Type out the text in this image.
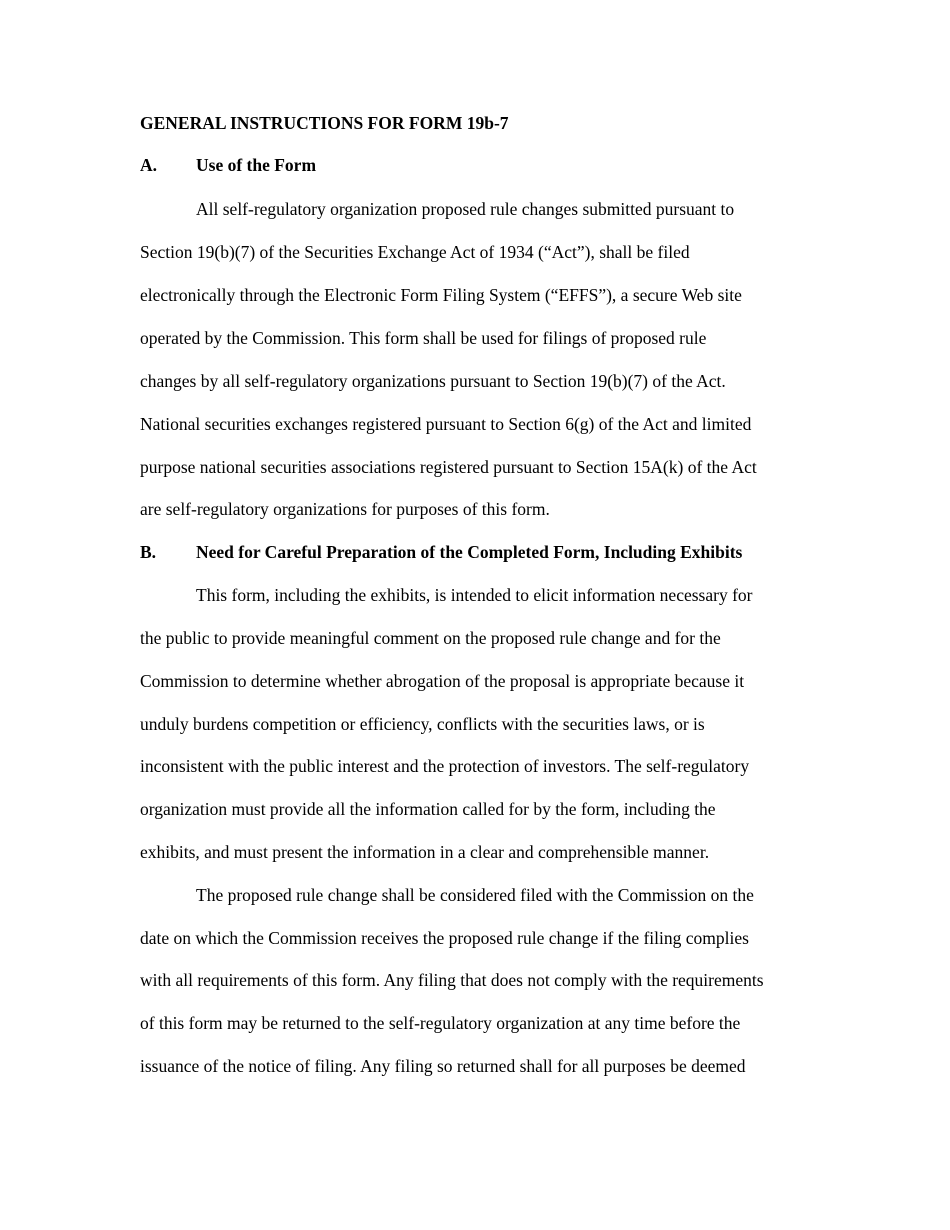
GENERAL INSTRUCTIONS FOR FORM 19b-7
A. Use of the Form
All self-regulatory organization proposed rule changes submitted pursuant to
Section 19(b)(7) of the Securities Exchange Act of 1934 (“Act”), shall be filed
electronically through the Electronic Form Filing System (“EFFS”), a secure Web site
operated by the Commission. This form shall be used for filings of proposed rule
changes by all self-regulatory organizations pursuant to Section 19(b)(7) of the Act.
National securities exchanges registered pursuant to Section 6(g) of the Act and limited
purpose national securities associations registered pursuant to Section 15A(k) of the Act
are self-regulatory organizations for purposes of this form.
B. Need for Careful Preparation of the Completed Form, Including Exhibits
This form, including the exhibits, is intended to elicit information necessary for
the public to provide meaningful comment on the proposed rule change and for the
Commission to determine whether abrogation of the proposal is appropriate because it
unduly burdens competition or efficiency, conflicts with the securities laws, or is
inconsistent with the public interest and the protection of investors. The self-regulatory
organization must provide all the information called for by the form, including the
exhibits, and must present the information in a clear and comprehensible manner.
The proposed rule change shall be considered filed with the Commission on the
date on which the Commission receives the proposed rule change if the filing complies
with all requirements of this form. Any filing that does not comply with the requirements
of this form may be returned to the self-regulatory organization at any time before the
issuance of the notice of filing. Any filing so returned shall for all purposes be deemed
